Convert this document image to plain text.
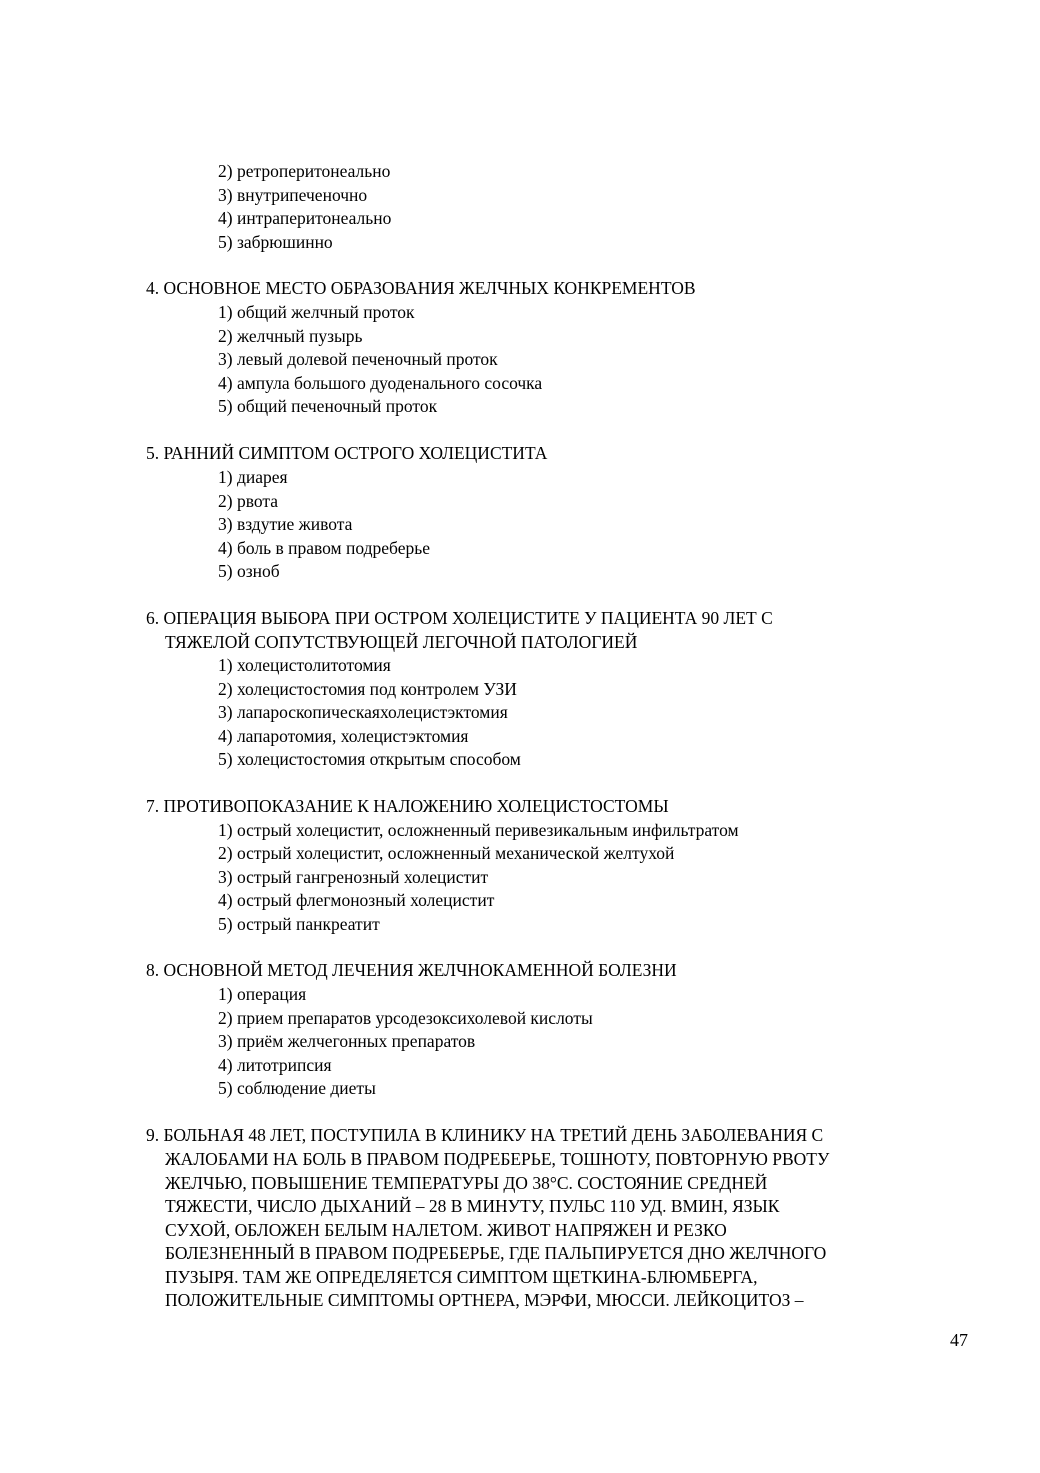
2) ретроперитонеально
3) внутрипеченочно
4) интраперитонеально
5) забрюшинно
4. ОСНОВНОЕ МЕСТО ОБРАЗОВАНИЯ ЖЕЛЧНЫХ КОНКРЕМЕНТОВ
1) общий желчный проток
2) желчный пузырь
3) левый долевой печеночный проток
4) ампула большого дуоденального сосочка
5) общий печеночный проток
5. РАННИЙ СИМПТОМ ОСТРОГО ХОЛЕЦИСТИТА
1) диарея
2) рвота
3) вздутие живота
4) боль в правом подреберье
5) озноб
6. ОПЕРАЦИЯ ВЫБОРА ПРИ ОСТРОМ ХОЛЕЦИСТИТЕ У ПАЦИЕНТА 90 ЛЕТ С
ТЯЖЕЛОЙ СОПУТСТВУЮЩЕЙ ЛЕГОЧНОЙ ПАТОЛОГИЕЙ
1) холецистолитотомия
2) холецистостомия под контролем УЗИ
3) лапароскопическаяхолецистэктомия
4) лапаротомия, холецистэктомия
5) холецистостомия открытым способом
7. ПРОТИВОПОКАЗАНИЕ К НАЛОЖЕНИЮ ХОЛЕЦИСТОСТОМЫ
1) острый холецистит, осложненный перивезикальным инфильтратом
2) острый холецистит, осложненный механической желтухой
3) острый гангренозный холецистит
4) острый флегмонозный холецистит
5) острый панкреатит
8. ОСНОВНОЙ МЕТОД ЛЕЧЕНИЯ ЖЕЛЧНОКАМЕННОЙ БОЛЕЗНИ
1) операция
2) прием препаратов урсодезоксихолевой кислоты
3) приём желчегонных препаратов
4) литотрипсия
5) соблюдение диеты
9. БОЛЬНАЯ 48 ЛЕТ, ПОСТУПИЛА В КЛИНИКУ НА ТРЕТИЙ ДЕНЬ ЗАБОЛЕВАНИЯ С
ЖАЛОБАМИ НА БОЛЬ В ПРАВОМ ПОДРЕБЕРЬЕ, ТОШНОТУ, ПОВТОРНУЮ РВОТУ
ЖЕЛЧЬЮ, ПОВЫШЕНИЕ ТЕМПЕРАТУРЫ ДО 38°С. СОСТОЯНИЕ СРЕДНЕЙ
ТЯЖЕСТИ, ЧИСЛО ДЫХАНИЙ – 28 В МИНУТУ, ПУЛЬС 110 УД. ВМИН, ЯЗЫК
СУХОЙ, ОБЛОЖЕН БЕЛЫМ НАЛЕТОМ. ЖИВОТ НАПРЯЖЕН И РЕЗКО
БОЛЕЗНЕННЫЙ В ПРАВОМ ПОДРЕБЕРЬЕ, ГДЕ ПАЛЬПИРУЕТСЯ ДНО ЖЕЛЧНОГО
ПУЗЫРЯ. ТАМ ЖЕ ОПРЕДЕЛЯЕТСЯ СИМПТОМ ЩЕТКИНА-БЛЮМБЕРГА,
ПОЛОЖИТЕЛЬНЫЕ СИМПТОМЫ ОРТНЕРА, МЭРФИ, МЮССИ. ЛЕЙКОЦИТОЗ –
47
